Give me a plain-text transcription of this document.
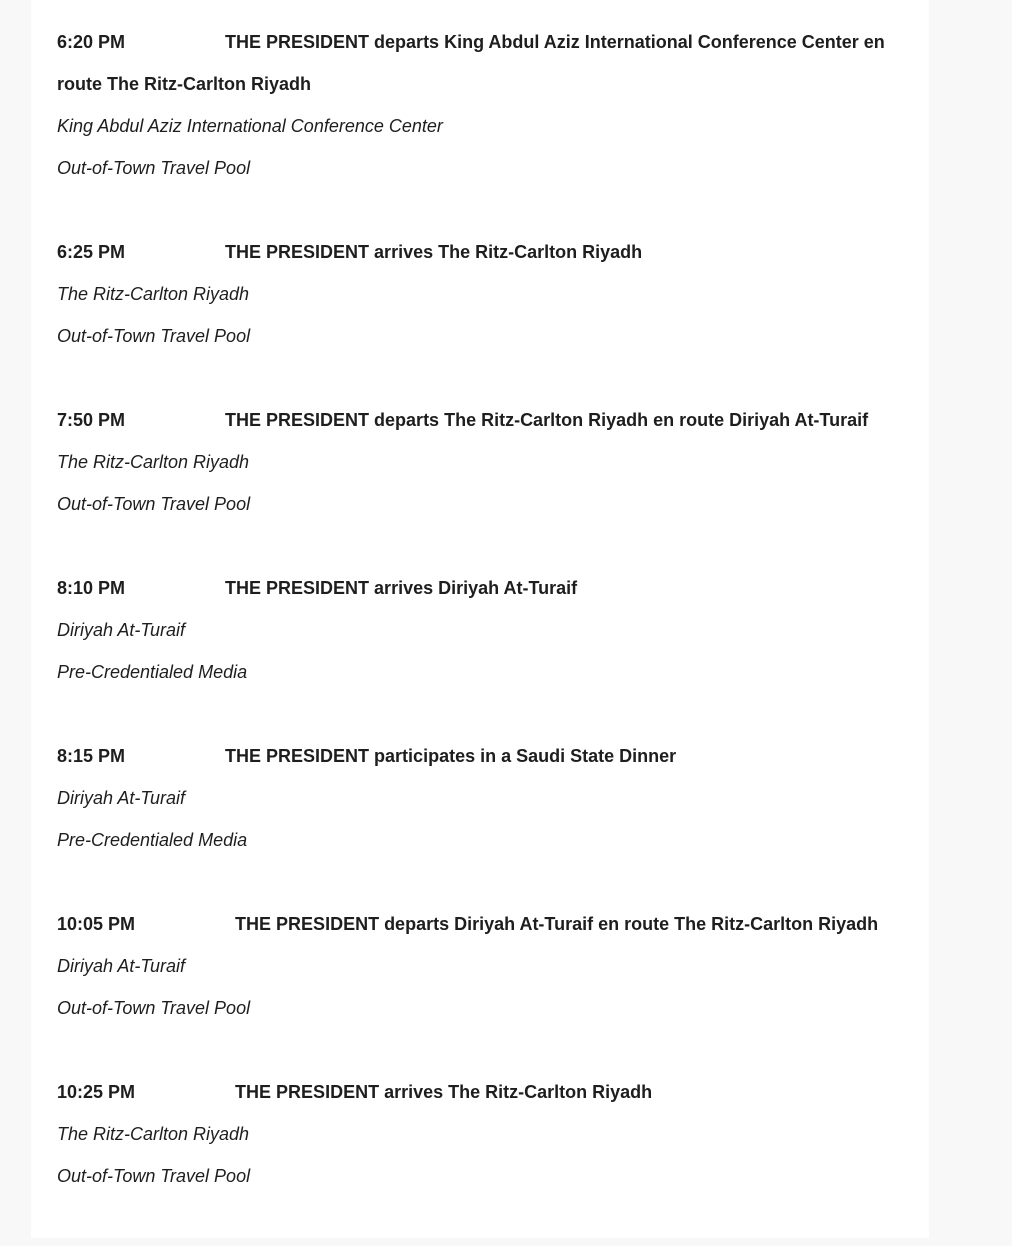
6:20 PM	THE PRESIDENT departs King Abdul Aziz International Conference Center en route The Ritz-Carlton Riyadh

King Abdul Aziz International Conference Center

Out-of-Town Travel Pool

6:25 PM	THE PRESIDENT arrives The Ritz-Carlton Riyadh

The Ritz-Carlton Riyadh

Out-of-Town Travel Pool

7:50 PM	THE PRESIDENT departs The Ritz-Carlton Riyadh en route Diriyah At-Turaif

The Ritz-Carlton Riyadh

Out-of-Town Travel Pool

8:10 PM	THE PRESIDENT arrives Diriyah At-Turaif

Diriyah At-Turaif

Pre-Credentialed Media

8:15 PM	THE PRESIDENT participates in a Saudi State Dinner

Diriyah At-Turaif

Pre-Credentialed Media

10:05 PM	THE PRESIDENT departs Diriyah At-Turaif en route The Ritz-Carlton Riyadh

Diriyah At-Turaif

Out-of-Town Travel Pool

10:25 PM	THE PRESIDENT arrives The Ritz-Carlton Riyadh

The Ritz-Carlton Riyadh

Out-of-Town Travel Pool
